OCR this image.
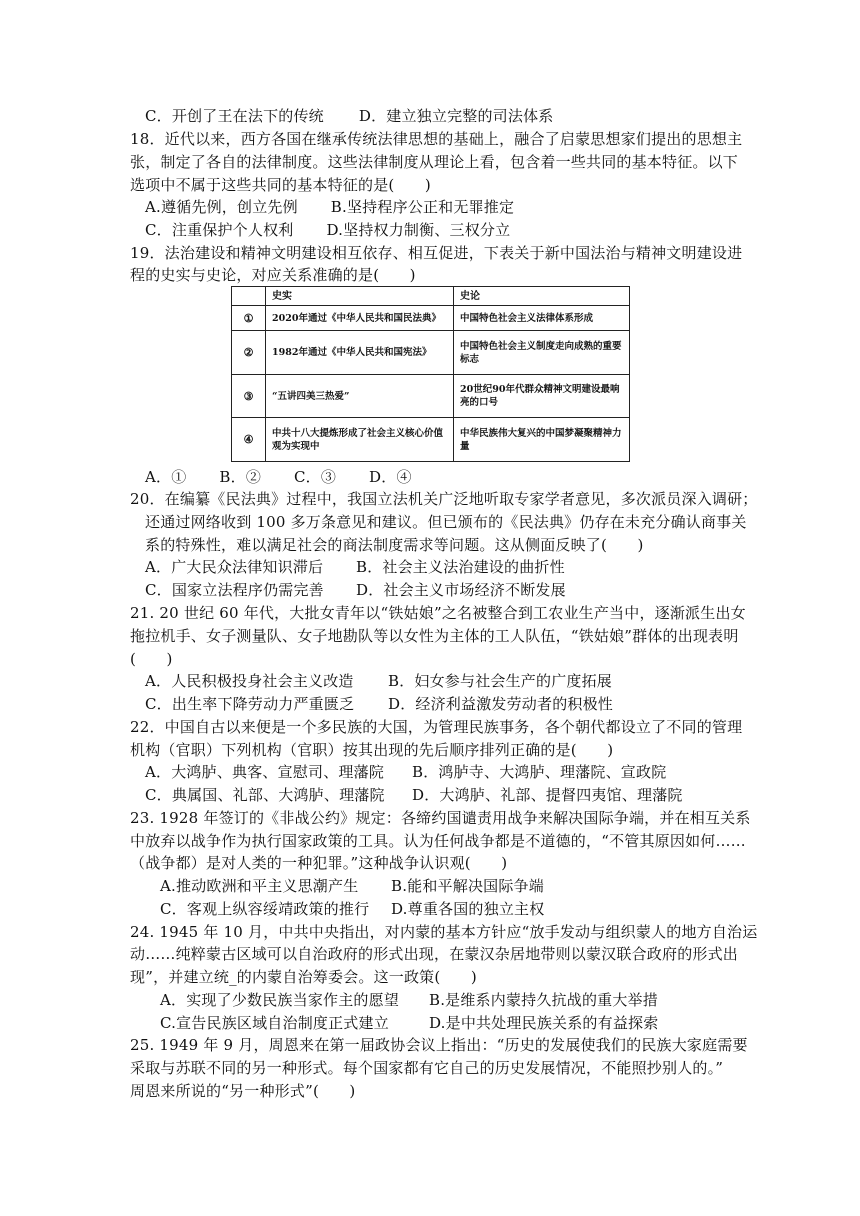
C．开创了王在法下的传统 D．建立独立完整的司法体系
18．近代以来，西方各国在继承传统法律思想的基础上，融合了启蒙思想家们提出的思想主
张，制定了各自的法律制度。这些法律制度从理论上看，包含着一些共同的基本特征。以下
选项中不属于这些共同的基本特征的是(　　)
A.遵循先例，创立先例 B.坚持程序公正和无罪推定
C．注重保护个人权利 D.坚持权力制衡、三权分立
19．法治建设和精神文明建设相互依存、相互促进，下表关于新中国法治与精神文明建设进
程的史实与史论，对应关系准确的是(　　)
	史实	史论
①	2020年通过《中华人民共和国民法典》	中国特色社会主义法律体系形成
②	1982年通过《中华人民共和国宪法》	中国特色社会主义制度走向成熟的重要标志
③	“五讲四美三热爱”	20世纪90年代群众精神文明建设最响亮的口号
④	中共十八大提炼形成了社会主义核心价值观为实现中	中华民族伟大复兴的中国梦凝聚精神力量
A．① B．② C．③ D．④
20．在编纂《民法典》过程中，我国立法机关广泛地听取专家学者意见，多次派员深入调研；
还通过网络收到 100 多万条意见和建议。但已颁布的《民法典》仍存在未充分确认商事关
系的特殊性，难以满足社会的商法制度需求等问题。这从侧面反映了(　　)
A．广大民众法律知识滞后 B．社会主义法治建设的曲折性
C．国家立法程序仍需完善 D．社会主义市场经济不断发展
21. 20 世纪 60 年代，大批女青年以“铁姑娘”之名被整合到工农业生产当中，逐渐派生出女
拖拉机手、女子测量队、女子地勘队等以女性为主体的工人队伍，“铁姑娘”群体的出现表明
(　　)
A．人民积极投身社会主义改造 B．妇女参与社会生产的广度拓展
C．出生率下降劳动力严重匮乏 D．经济利益激发劳动者的积极性
22．中国自古以来便是一个多民族的大国，为管理民族事务，各个朝代都设立了不同的管理
机构（官职）下列机构（官职）按其出现的先后顺序排列正确的是(　　)
A．大鸿胪、典客、宣慰司、理藩院 B．鸿胪寺、大鸿胪、理藩院、宣政院
C．典属国、礼部、大鸿胪、理藩院 D．大鸿胪、礼部、提督四夷馆、理藩院
23. 1928 年签订的《非战公约》规定：各缔约国谴责用战争来解决国际争端，并在相互关系
中放弃以战争作为执行国家政策的工具。认为任何战争都是不道德的，“不管其原因如何……
（战争都）是对人类的一种犯罪。”这种战争认识观(　　)
A.推动欧洲和平主义思潮产生 B.能和平解决国际争端
C．客观上纵容绥靖政策的推行 D.尊重各国的独立主权
24. 1945 年 10 月，中共中央指出，对内蒙的基本方针应“放手发动与组织蒙人的地方自治运
动……纯粹蒙古区域可以自治政府的形式出现，在蒙汉杂居地带则以蒙汉联合政府的形式出
现”，并建立统_的内蒙自治筹委会。这一政策(　　)
A．实现了少数民族当家作主的愿望 B.是维系内蒙持久抗战的重大举措
C.宣告民族区域自治制度正式建立	D.是中共处理民族关系的有益探索
25. 1949 年 9 月，周恩来在第一届政协会议上指出：“历史的发展使我们的民族大家庭需要
采取与苏联不同的另一种形式。每个国家都有它自己的历史发展情况，不能照抄别人的。”
周恩来所说的“另一种形式”(　　)
